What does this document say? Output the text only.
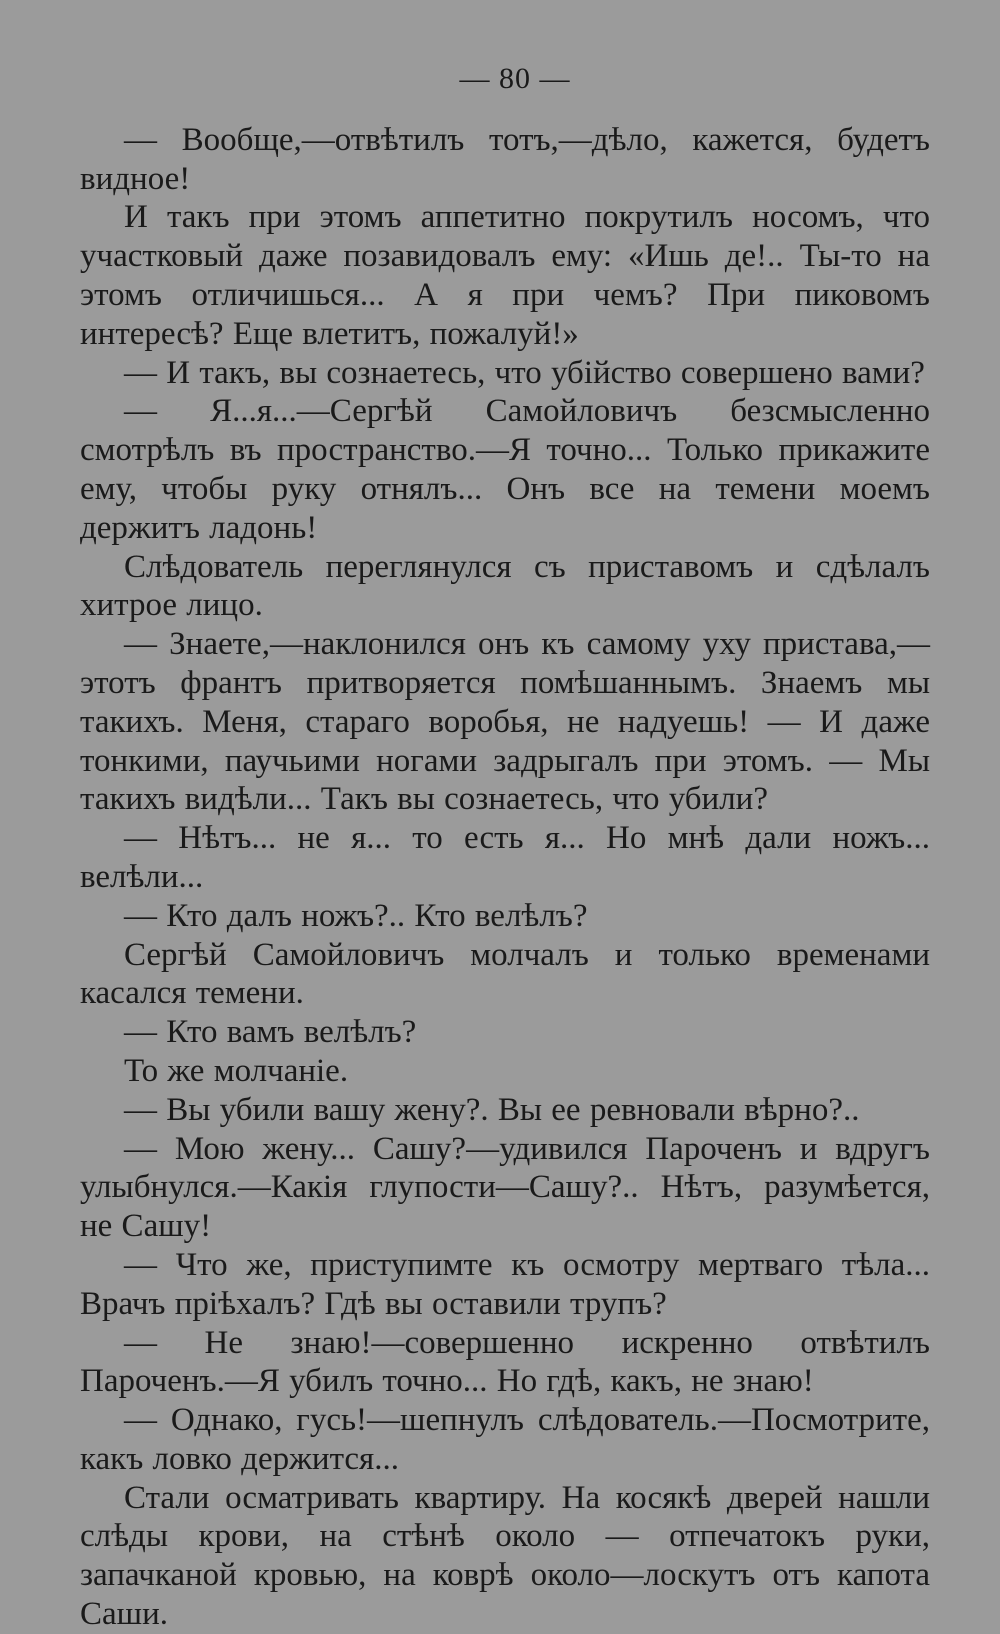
— 80 —

— Вообще,—отвѣтилъ тотъ,—дѣло, кажется, будетъ видное!

И такъ при этомъ аппетитно покрутилъ носомъ, что участковый даже позавидовалъ ему: «Ишь де!.. Ты-то на этомъ отличишься... А я при чемъ? При пиковомъ интересѣ? Еще влетитъ, пожалуй!»

— И такъ, вы сознаетесь, что убійство совершено вами?

— Я...я...—Сергѣй Самойловичъ безсмысленно смотрѣлъ въ пространство.—Я точно... Только прикажите ему, чтобы руку отнялъ... Онъ все на темени моемъ держитъ ладонь!

Слѣдователь переглянулся съ приставомъ и сдѣлалъ хитрое лицо.

— Знаете,—наклонился онъ къ самому уху пристава,—этотъ франтъ притворяется помѣшаннымъ. Знаемъ мы такихъ. Меня, стараго воробья, не надуешь! — И даже тонкими, паучьими ногами задрыгалъ при этомъ. — Мы такихъ видѣли... Такъ вы сознаетесь, что убили?

— Нѣтъ... не я... то есть я... Но мнѣ дали ножъ... велѣли...

— Кто далъ ножъ?.. Кто велѣлъ?

Сергѣй Самойловичъ молчалъ и только временами касался темени.

— Кто вамъ велѣлъ?

То же молчаніе.

— Вы убили вашу жену?. Вы ее ревновали вѣрно?..

— Мою жену... Сашу?—удивился Пароченъ и вдругъ улыбнулся.—Какія глупости—Сашу?.. Нѣтъ, разумѣется, не Сашу!

— Что же, приступимте къ осмотру мертваго тѣла... Врачъ пріѣхалъ? Гдѣ вы оставили трупъ?

— Не знаю!—совершенно искренно отвѣтилъ Пароченъ.—Я убилъ точно... Но гдѣ, какъ, не знаю!

— Однако, гусь!—шепнулъ слѣдователь.—Посмотрите, какъ ловко держится...

Стали осматривать квартиру. На косякѣ дверей нашли слѣды крови, на стѣнѣ около — отпечатокъ руки, запачканой кровью, на коврѣ около—лоскутъ отъ капота Саши.
